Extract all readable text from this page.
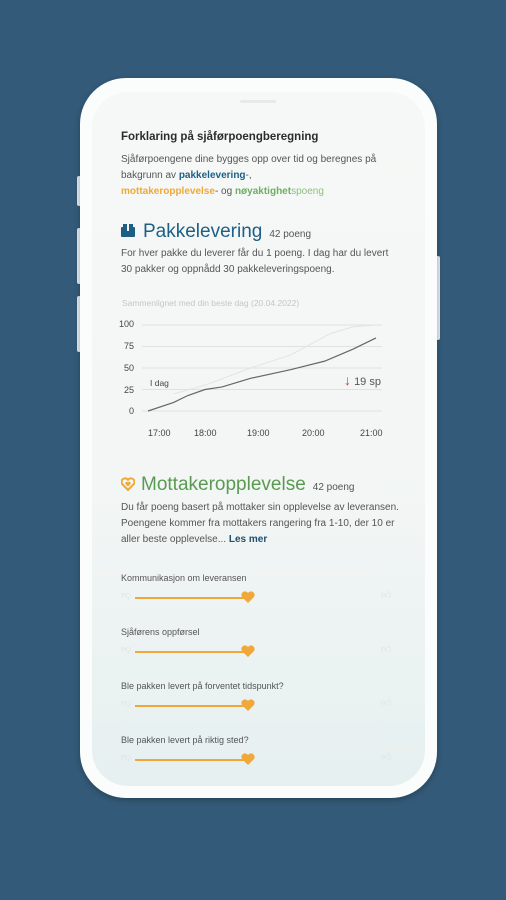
Forklaring på sjåførpoengberegning
Sjåførpoengene dine bygges opp over tid og beregnes på bakgrunn av pakkelevering-,
mottakeropplevelse- og nøyaktighetspoeng
Pakkelevering 42 poeng
For hver pakke du leverer får du 1 poeng. I dag har du levert 30 pakker og oppnådd 30 pakkeleveringspoeng.
Sammenlignet med din beste dag (20.04.2022)
100
75
50
25
0
I dag	↓ 19 sp
17:00	18:00	19:00	20:00	21:00
Mottakeropplevelse 42 poeng
Du får poeng basert på mottaker sin opplevelse av leveransen. Poengene kommer fra mottakers rangering fra 1-10, der 10 er aller beste opplevelse... Les mer
Kommunikasjon om leveransen
👎︎	👍︎
Sjåførens oppførsel
👎︎	👍︎
Ble pakken levert på forventet tidspunkt?
👎︎	👍︎
Ble pakken levert på riktig sted?
👎︎	👍︎
